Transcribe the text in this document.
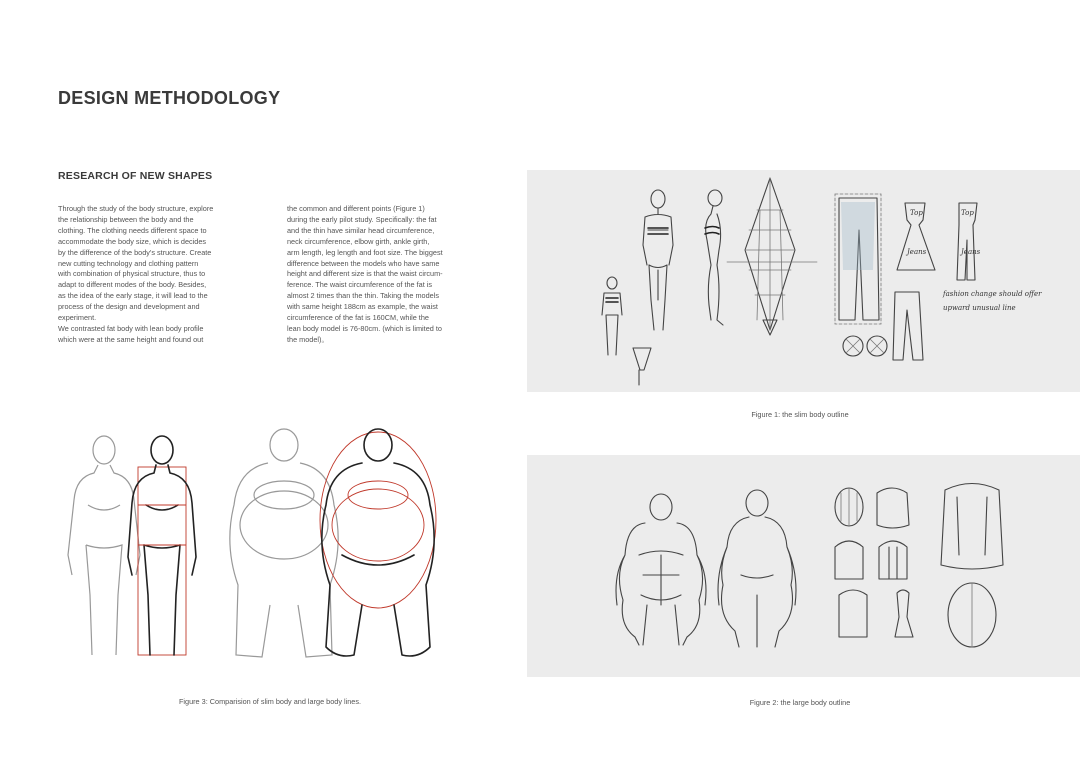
DESIGN METHODOLOGY
RESEARCH OF NEW SHAPES
Through the study of the body structure, explore
the relationship between the body and the
clothing. The clothing needs different space to
accommodate the body size, which is decides
by the difference of the body's structure. Create
new cutting technology and clothing pattern
with combination of physical structure, thus to
adapt to different modes of the body. Besides,
as the idea of the early stage, it will lead to the
process of the design and development and
experiment.
We contrasted fat body with lean body profile
which were at the same height and found out
the common and different points (Figure 1)
during the early pilot study. Specifically: the fat
and the thin have similar head circumference,
neck circumference, elbow girth, ankle girth,
arm length, leg length and foot size. The biggest
difference between the models who have same
height and different size is that the waist circum-
ference. The waist circumference of the fat is
almost 2 times than the thin. Taking the models
with same height 188cm as example, the waist
circumference of the fat is 160CM, while the
lean body model is 76-80cm. (which is limited to
the model)。
Top
Jeans
Top
Jeans
fashion change should offer
upward unusual line
Figure 1: the slim body outline
Figure 2: the large body outline
Figure 3: Comparision of slim body and large body lines.
